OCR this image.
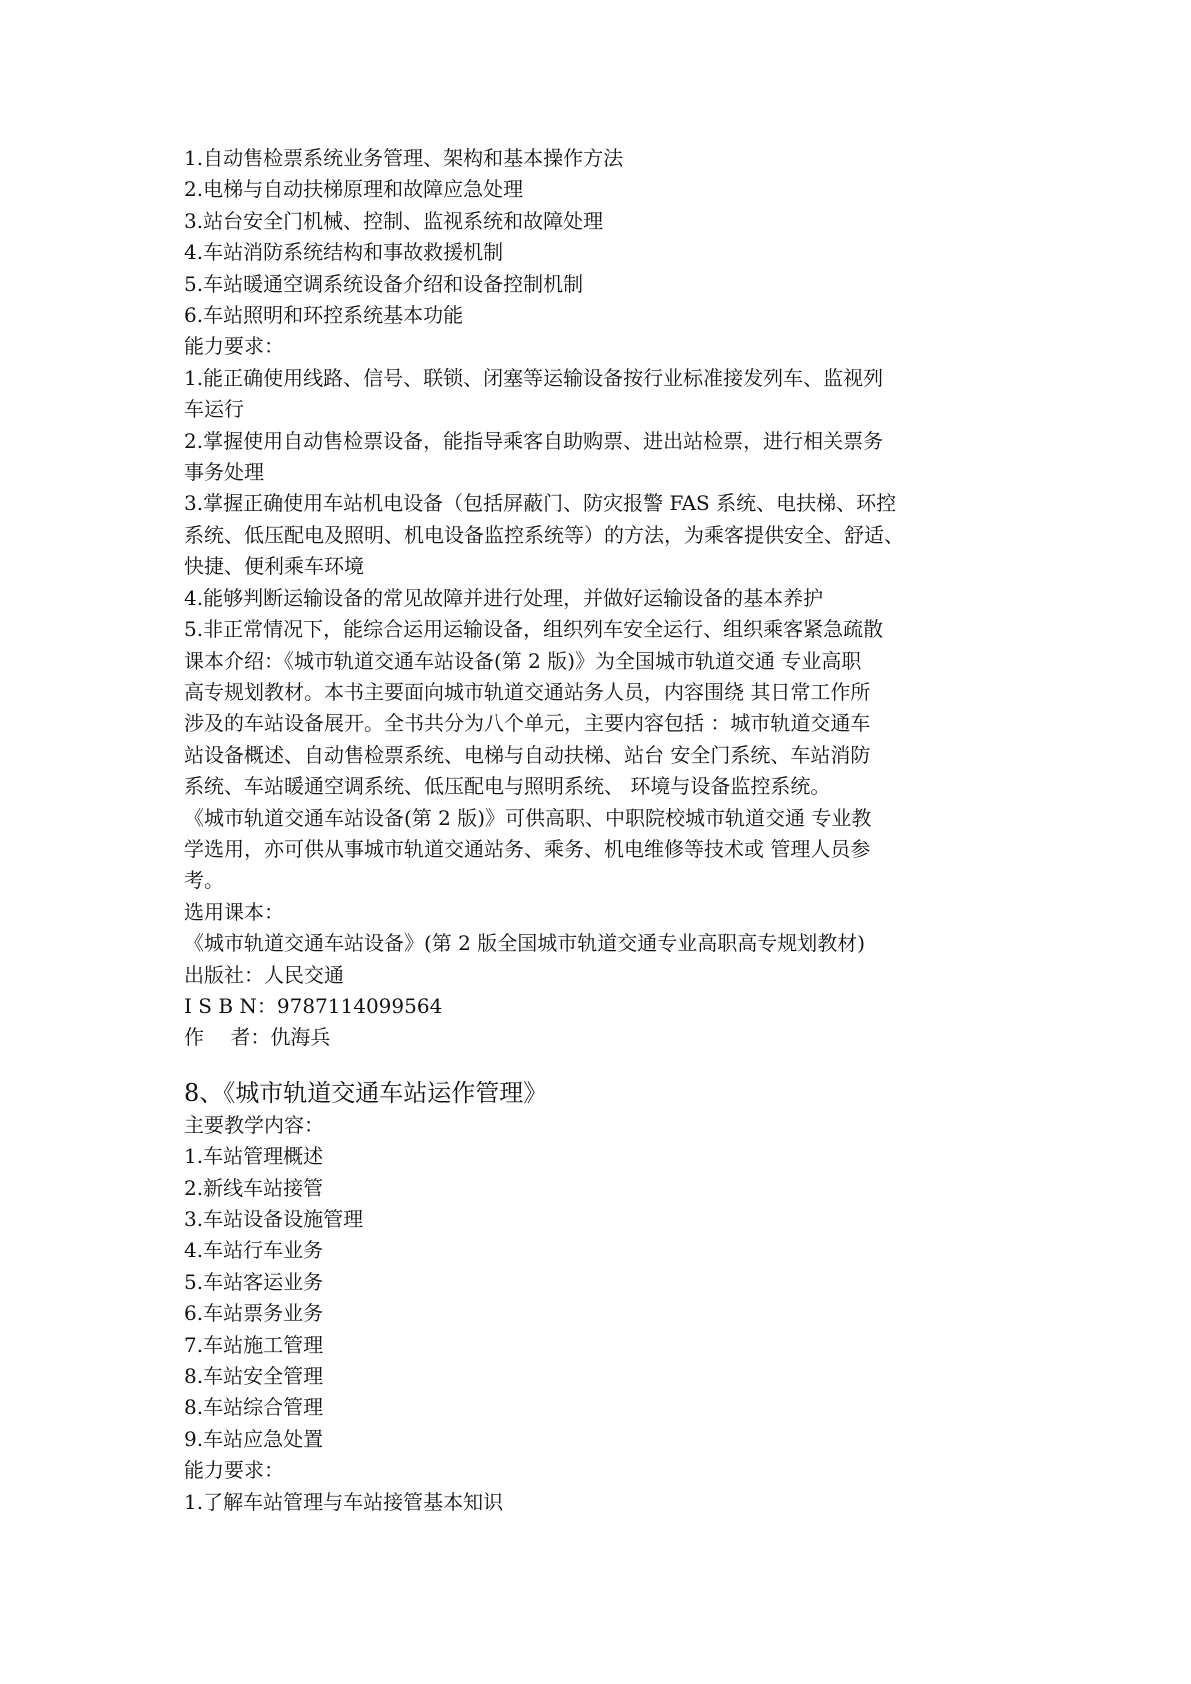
1.自动售检票系统业务管理、架构和基本操作方法
2.电梯与自动扶梯原理和故障应急处理
3.站台安全门机械、控制、监视系统和故障处理
4.车站消防系统结构和事故救援机制
5.车站暖通空调系统设备介绍和设备控制机制
6.车站照明和环控系统基本功能
能力要求：
1.能正确使用线路、信号、联锁、闭塞等运输设备按行业标准接发列车、监视列
车运行
2.掌握使用自动售检票设备，能指导乘客自助购票、进出站检票，进行相关票务
事务处理
3.掌握正确使用车站机电设备（包括屏蔽门、防灾报警 FAS 系统、电扶梯、环控
系统、低压配电及照明、机电设备监控系统等）的方法，为乘客提供安全、舒适、
快捷、便利乘车环境
4.能够判断运输设备的常见故障并进行处理，并做好运输设备的基本养护
5.非正常情况下，能综合运用运输设备，组织列车安全运行、组织乘客紧急疏散
课本介绍：《城市轨道交通车站设备(第 2 版)》为全国城市轨道交通 专业高职
高专规划教材。本书主要面向城市轨道交通站务人员，内容围绕 其日常工作所
涉及的车站设备展开。全书共分为八个单元，主要内容包括 ：城市轨道交通车
站设备概述、自动售检票系统、电梯与自动扶梯、站台 安全门系统、车站消防
系统、车站暖通空调系统、低压配电与照明系统、 环境与设备监控系统。
《城市轨道交通车站设备(第 2 版)》可供高职、中职院校城市轨道交通 专业教
学选用，亦可供从事城市轨道交通站务、乘务、机电维修等技术或 管理人员参
考。
选用课本：
《城市轨道交通车站设备》(第 2 版全国城市轨道交通专业高职高专规划教材)
出版社：人民交通
I S B N：9787114099564
作　 者：仇海兵
8、《城市轨道交通车站运作管理》
主要教学内容：
1.车站管理概述
2.新线车站接管
3.车站设备设施管理
4.车站行车业务
5.车站客运业务
6.车站票务业务
7.车站施工管理
8.车站安全管理
8.车站综合管理
9.车站应急处置
能力要求：
1.了解车站管理与车站接管基本知识
